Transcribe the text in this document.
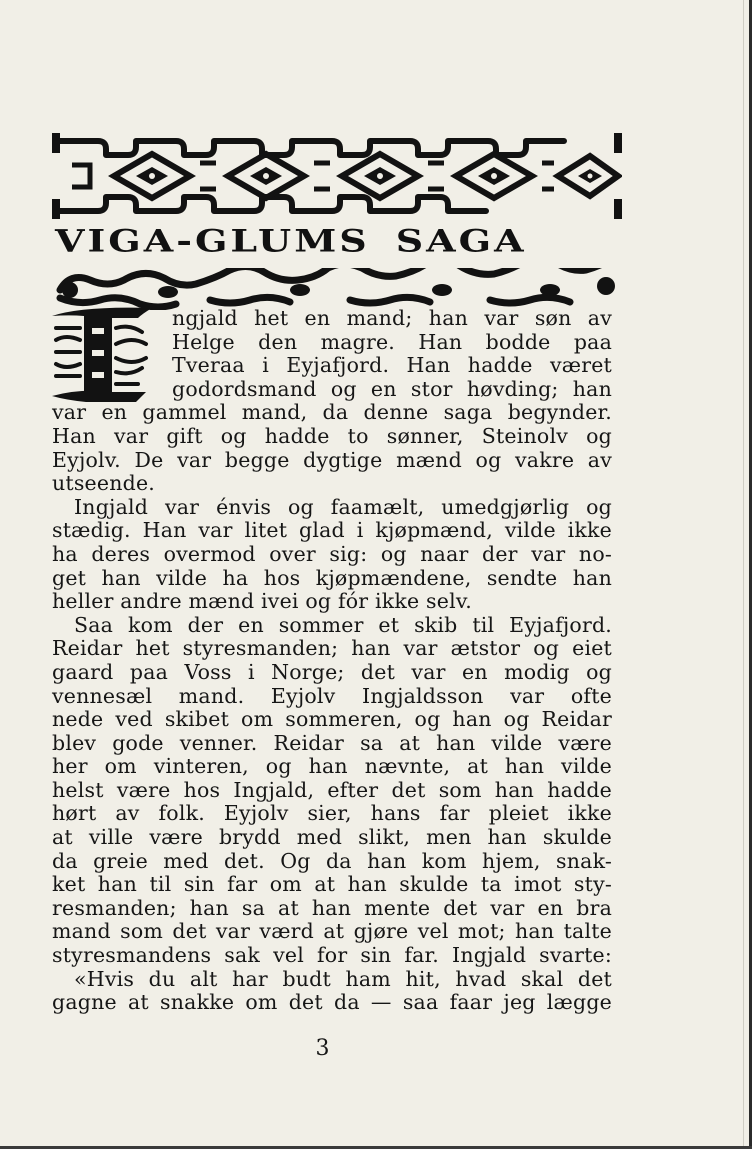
VIGA-GLUMS SAGA
I	ngjald het en mand; han var søn av
Helge den magre. Han bodde paa
Tveraa i Eyjafjord. Han hadde været
godordsmand og en stor høvding; han
var en gammel mand, da denne saga begynder.
Han var gift og hadde to sønner, Steinolv og
Eyjolv. De var begge dygtige mænd og vakre av
utseende.
Ingjald var énvis og faamælt, umedgjørlig og
stædig. Han var litet glad i kjøpmænd, vilde ikke
ha deres overmod over sig: og naar der var no-
get han vilde ha hos kjøpmændene, sendte han
heller andre mænd ivei og fór ikke selv.
Saa kom der en sommer et skib til Eyjafjord.
Reidar het styresmanden; han var ætstor og eiet
gaard paa Voss i Norge; det var en modig og
vennesæl mand. Eyjolv Ingjaldsson var ofte
nede ved skibet om sommeren, og han og Reidar
blev gode venner. Reidar sa at han vilde være
her om vinteren, og han nævnte, at han vilde
helst være hos Ingjald, efter det som han hadde
hørt av folk. Eyjolv sier, hans far pleiet ikke
at ville være brydd med slikt, men han skulde
da greie med det. Og da han kom hjem, snak-
ket han til sin far om at han skulde ta imot sty-
resmanden; han sa at han mente det var en bra
mand som det var værd at gjøre vel mot; han talte
styresmandens sak vel for sin far. Ingjald svarte:
«Hvis du alt har budt ham hit, hvad skal det
gagne at snakke om det da — saa faar jeg lægge
3
